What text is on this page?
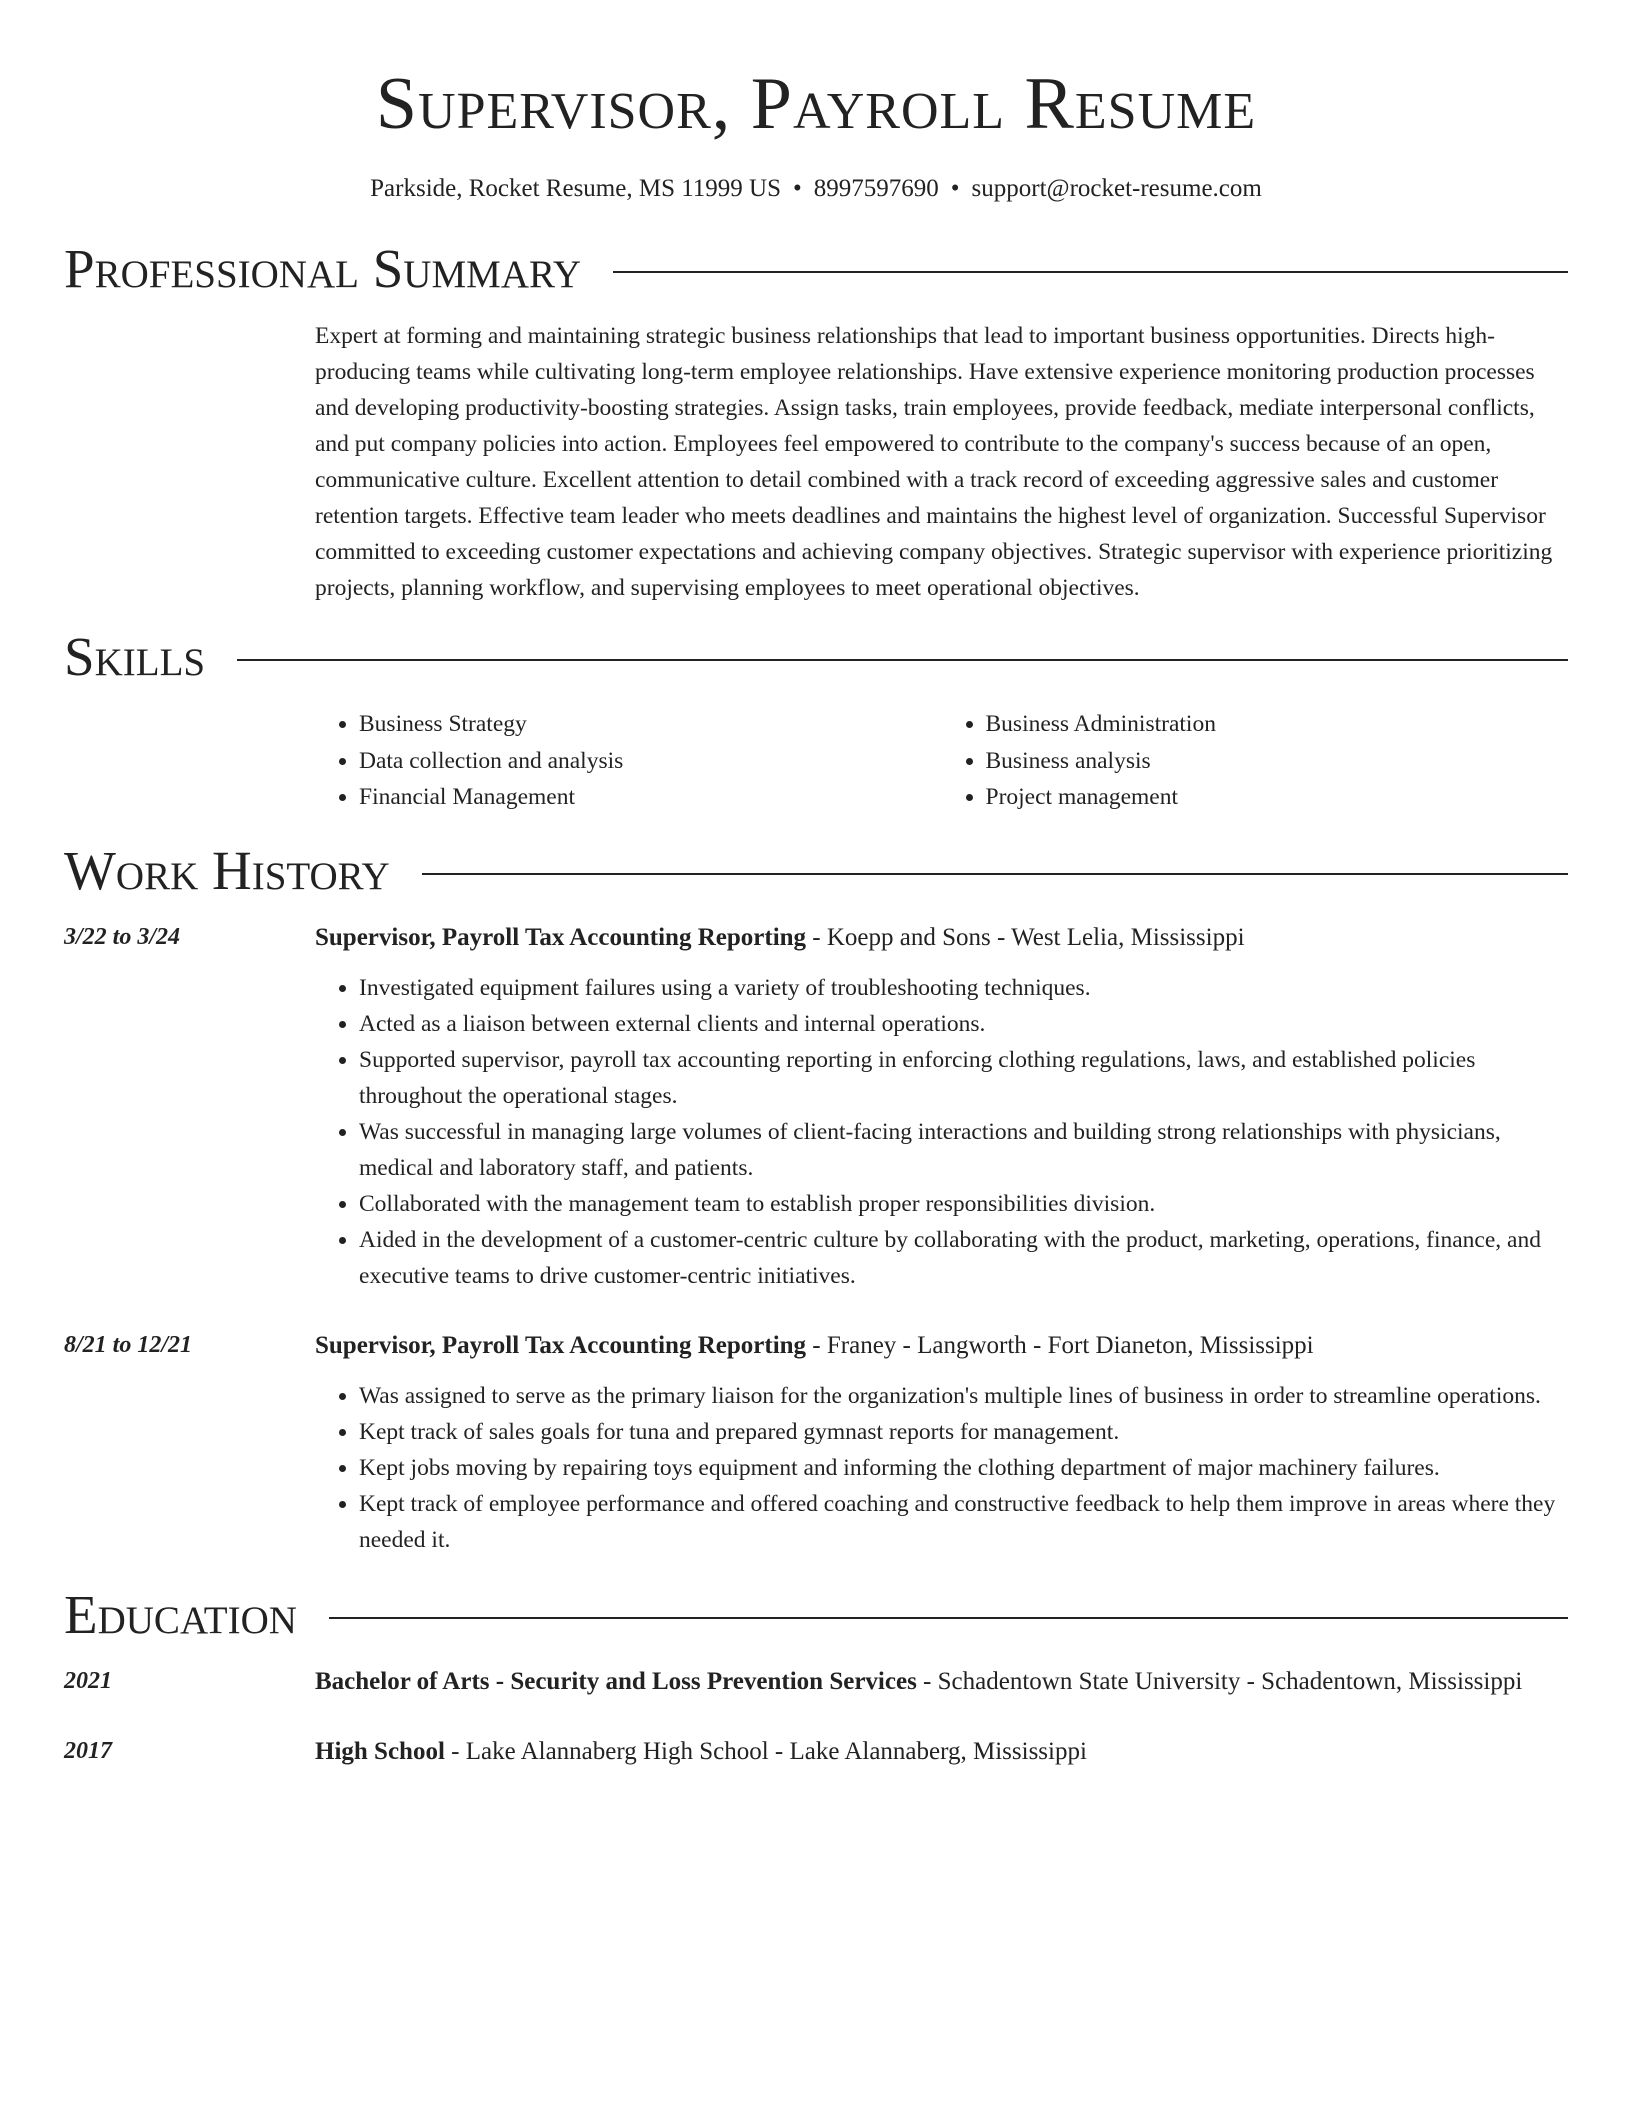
Supervisor, Payroll Resume
Parkside, Rocket Resume, MS 11999 US • 8997597690 • support@rocket-resume.com
Professional Summary

Expert at forming and maintaining strategic business relationships that lead to important business opportunities. Directs high-producing teams while cultivating long-term employee relationships. Have extensive experience monitoring production processes and developing productivity-boosting strategies. Assign tasks, train employees, provide feedback, mediate interpersonal conflicts, and put company policies into action. Employees feel empowered to contribute to the company's success because of an open, communicative culture. Excellent attention to detail combined with a track record of exceeding aggressive sales and customer retention targets. Effective team leader who meets deadlines and maintains the highest level of organization. Successful Supervisor committed to exceeding customer expectations and achieving company objectives. Strategic supervisor with experience prioritizing projects, planning workflow, and supervising employees to meet operational objectives.

Skills
• Business Strategy
• Data collection and analysis
• Financial Management
• Business Administration
• Business analysis
• Project management
Work History
3/22 to 3/24	Supervisor, Payroll Tax Accounting Reporting - Koepp and Sons - West Lelia, Mississippi
• Investigated equipment failures using a variety of troubleshooting techniques.
• Acted as a liaison between external clients and internal operations.
• Supported supervisor, payroll tax accounting reporting in enforcing clothing regulations, laws, and established policies throughout the operational stages.
• Was successful in managing large volumes of client-facing interactions and building strong relationships with physicians, medical and laboratory staff, and patients.
• Collaborated with the management team to establish proper responsibilities division.
• Aided in the development of a customer-centric culture by collaborating with the product, marketing, operations, finance, and executive teams to drive customer-centric initiatives.
8/21 to 12/21	Supervisor, Payroll Tax Accounting Reporting - Franey - Langworth - Fort Dianeton, Mississippi
• Was assigned to serve as the primary liaison for the organization's multiple lines of business in order to streamline operations.
• Kept track of sales goals for tuna and prepared gymnast reports for management.
• Kept jobs moving by repairing toys equipment and informing the clothing department of major machinery failures.
• Kept track of employee performance and offered coaching and constructive feedback to help them improve in areas where they needed it.
Education
2021	Bachelor of Arts - Security and Loss Prevention Services - Schadentown State University - Schadentown, Mississippi
2017	High School - Lake Alannaberg High School - Lake Alannaberg, Mississippi
